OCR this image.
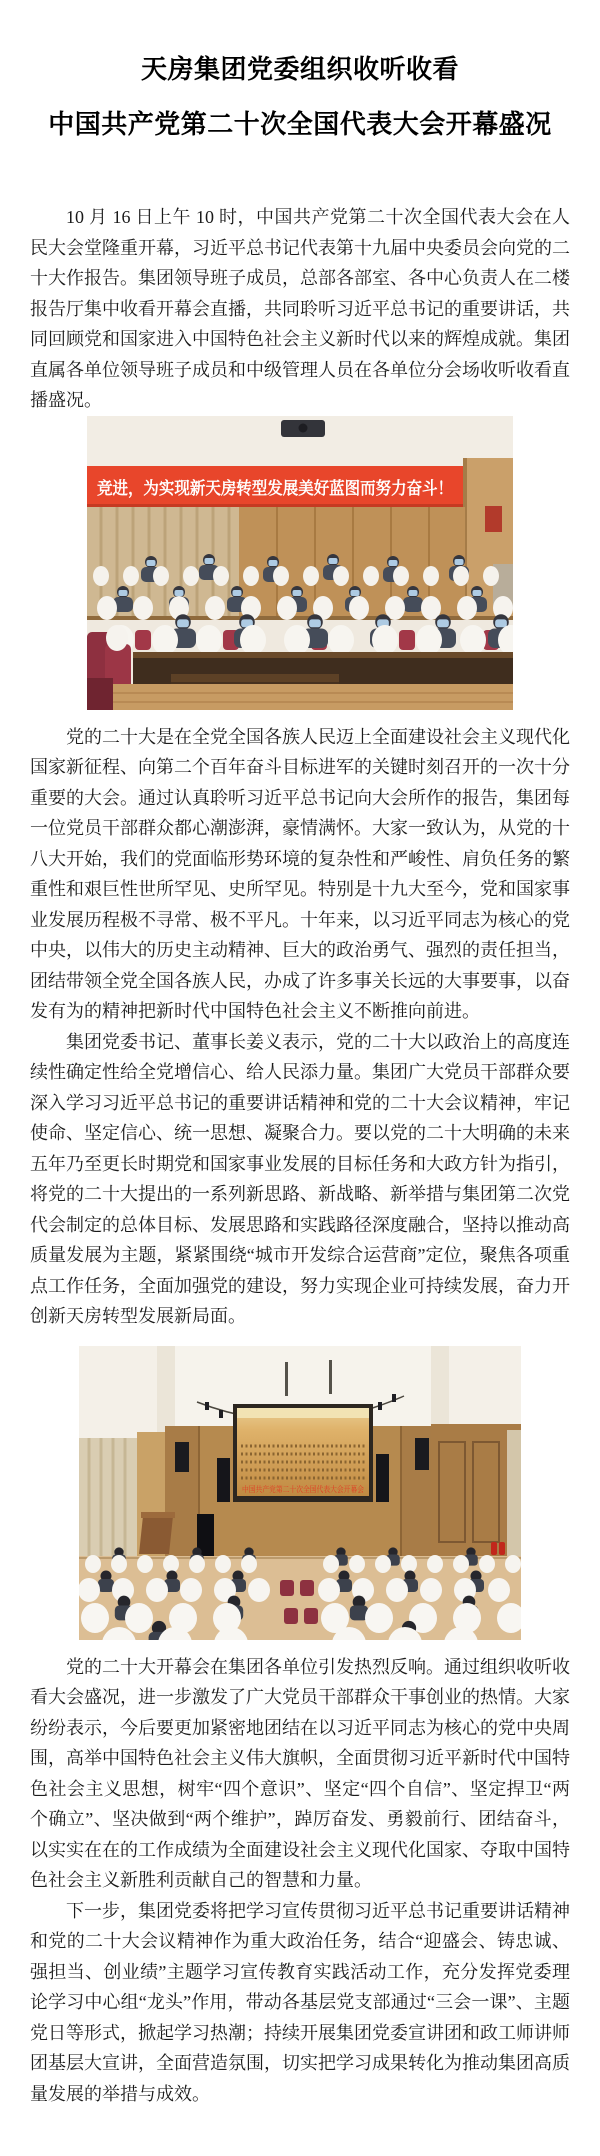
天房集团党委组织收听收看
中国共产党第二十次全国代表大会开幕盛况

10 月 16 日上午 10 时，中国共产党第二十次全国代表大会在人民大会堂隆重开幕，习近平总书记代表第十九届中央委员会向党的二十大作报告。集团领导班子成员，总部各部室、各中心负责人在二楼报告厅集中收看开幕会直播，共同聆听习近平总书记的重要讲话，共同回顾党和国家进入中国特色社会主义新时代以来的辉煌成就。集团直属各单位领导班子成员和中级管理人员在各单位分会场收听收看直播盛况。

竞进，为实现新天房转型发展美好蓝图而努力奋斗！

党的二十大是在全党全国各族人民迈上全面建设社会主义现代化国家新征程、向第二个百年奋斗目标进军的关键时刻召开的一次十分重要的大会。通过认真聆听习近平总书记向大会所作的报告，集团每一位党员干部群众都心潮澎湃，豪情满怀。大家一致认为，从党的十八大开始，我们的党面临形势环境的复杂性和严峻性、肩负任务的繁重性和艰巨性世所罕见、史所罕见。特别是十九大至今，党和国家事业发展历程极不寻常、极不平凡。十年来，以习近平同志为核心的党中央，以伟大的历史主动精神、巨大的政治勇气、强烈的责任担当，团结带领全党全国各族人民，办成了许多事关长远的大事要事，以奋发有为的精神把新时代中国特色社会主义不断推向前进。

集团党委书记、董事长姜义表示，党的二十大以政治上的高度连续性确定性给全党增信心、给人民添力量。集团广大党员干部群众要深入学习习近平总书记的重要讲话精神和党的二十大会议精神，牢记使命、坚定信心、统一思想、凝聚合力。要以党的二十大明确的未来五年乃至更长时期党和国家事业发展的目标任务和大政方针为指引，将党的二十大提出的一系列新思路、新战略、新举措与集团第二次党代会制定的总体目标、发展思路和实践路径深度融合，坚持以推动高质量发展为主题，紧紧围绕“城市开发综合运营商”定位，聚焦各项重点工作任务，全面加强党的建设，努力实现企业可持续发展，奋力开创新天房转型发展新局面。

中国共产党第二十次全国代表大会开幕会

党的二十大开幕会在集团各单位引发热烈反响。通过组织收听收看大会盛况，进一步激发了广大党员干部群众干事创业的热情。大家纷纷表示，今后要更加紧密地团结在以习近平同志为核心的党中央周围，高举中国特色社会主义伟大旗帜，全面贯彻习近平新时代中国特色社会主义思想，树牢“四个意识”、坚定“四个自信”、坚定捍卫“两个确立”、坚决做到“两个维护”，踔厉奋发、勇毅前行、团结奋斗，以实实在在的工作成绩为全面建设社会主义现代化国家、夺取中国特色社会主义新胜利贡献自己的智慧和力量。

下一步，集团党委将把学习宣传贯彻习近平总书记重要讲话精神和党的二十大会议精神作为重大政治任务，结合“迎盛会、铸忠诚、强担当、创业绩”主题学习宣传教育实践活动工作，充分发挥党委理论学习中心组“龙头”作用，带动各基层党支部通过“三会一课”、主题党日等形式，掀起学习热潮；持续开展集团党委宣讲团和政工师讲师团基层大宣讲，全面营造氛围，切实把学习成果转化为推动集团高质量发展的举措与成效。
